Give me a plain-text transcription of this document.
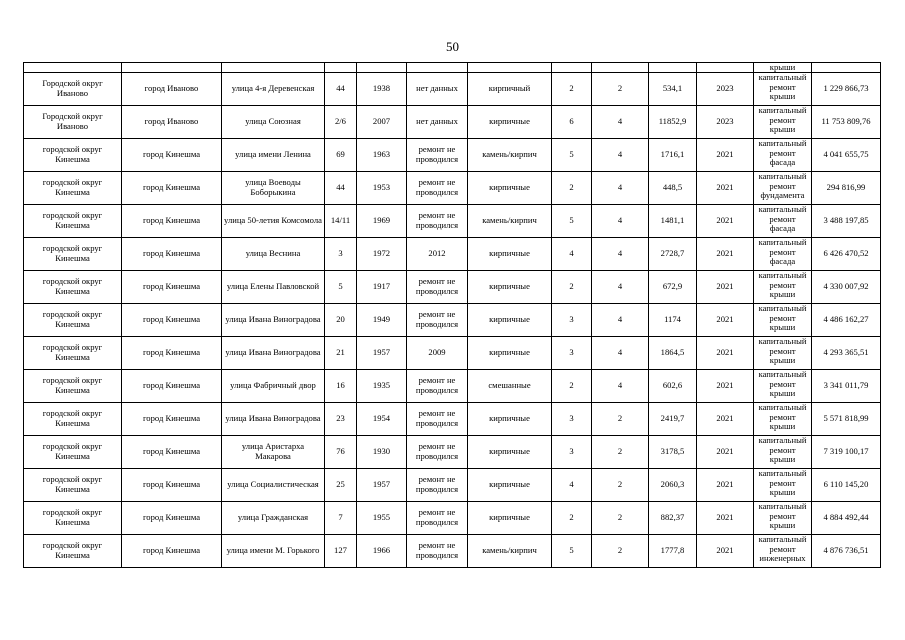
50

											крыши	

Городской округ Иваново	город Иваново	улица 4-я Деревенская	44	1938	нет данных	кирпичный	2	2	534,1	2023	капитальный ремонт крыши	1 229 866,73
Городской округ Иваново	город Иваново	улица Союзная	2/6	2007	нет данных	кирпичные	6	4	11852,9	2023	капитальный ремонт крыши	11 753 809,76
городской округ Кинешма	город Кинешма	улица имени Ленина	69	1963	ремонт не проводился	камень/кирпич	5	4	1716,1	2021	капитальный ремонт фасада	4 041 655,75
городской округ Кинешма	город Кинешма	улица Воеводы Боборыкина	44	1953	ремонт не проводился	кирпичные	2	4	448,5	2021	капитальный ремонт фундамента	294 816,99
городской округ Кинешма	город Кинешма	улица 50-летия Комсомола	14/11	1969	ремонт не проводился	камень/кирпич	5	4	1481,1	2021	капитальный ремонт фасада	3 488 197,85
городской округ Кинешма	город Кинешма	улица Веснина	3	1972	2012	кирпичные	4	4	2728,7	2021	капитальный ремонт фасада	6 426 470,52
городской округ Кинешма	город Кинешма	улица Елены Павловской	5	1917	ремонт не проводился	кирпичные	2	4	672,9	2021	капитальный ремонт крыши	4 330 007,92
городской округ Кинешма	город Кинешма	улица Ивана Виноградова	20	1949	ремонт не проводился	кирпичные	3	4	1174	2021	капитальный ремонт крыши	4 486 162,27
городской округ Кинешма	город Кинешма	улица Ивана Виноградова	21	1957	2009	кирпичные	3	4	1864,5	2021	капитальный ремонт крыши	4 293 365,51
городской округ Кинешма	город Кинешма	улица Фабричный двор	16	1935	ремонт не проводился	смешанные	2	4	602,6	2021	капитальный ремонт крыши	3 341 011,79
городской округ Кинешма	город Кинешма	улица Ивана Виноградова	23	1954	ремонт не проводился	кирпичные	3	2	2419,7	2021	капитальный ремонт крыши	5 571 818,99
городской округ Кинешма	город Кинешма	улица Аристарха Макарова	76	1930	ремонт не проводился	кирпичные	3	2	3178,5	2021	капитальный ремонт крыши	7 319 100,17
городской округ Кинешма	город Кинешма	улица Социалистическая	25	1957	ремонт не проводился	кирпичные	4	2	2060,3	2021	капитальный ремонт крыши	6 110 145,20
городской округ Кинешма	город Кинешма	улица Гражданская	7	1955	ремонт не проводился	кирпичные	2	2	882,37	2021	капитальный ремонт крыши	4 884 492,44
городской округ Кинешма	город Кинешма	улица имени М. Горького	127	1966	ремонт не проводился	камень/кирпич	5	2	1777,8	2021	капитальный ремонт инженерных	4 876 736,51
